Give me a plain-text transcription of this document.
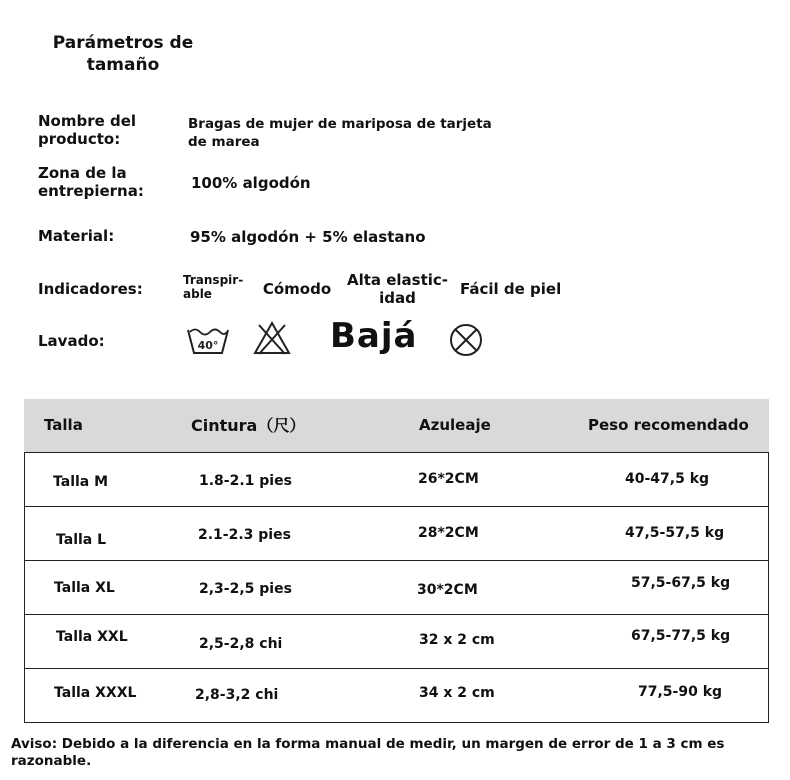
Parámetros de tamaño
Nombre del producto:
Bragas de mujer de mariposa de tarjeta de marea
Zona de la entrepierna:	100% algodón
Material:	95% algodón + 5% elastano
Indicadores:	Transpir-able	Cómodo	Alta elastic-idad	Fácil de piel
Lavado:	40°	Bajá
Talla	Cintura（尺）	Azuleaje	Peso recomendado
Talla M	1.8-2.1 pies	26*2CM	40-47,5 kg
Talla L	2.1-2.3 pies	28*2CM	47,5-57,5 kg
Talla XL	2,3-2,5 pies	30*2CM	57,5-67,5 kg
Talla XXL	2,5-2,8 chi	32 x 2 cm	67,5-77,5 kg
Talla XXXL	2,8-3,2 chi	34 x 2 cm	77,5-90 kg
Aviso: Debido a la diferencia en la forma manual de medir, un margen de error de 1 a 3 cm es razonable.
